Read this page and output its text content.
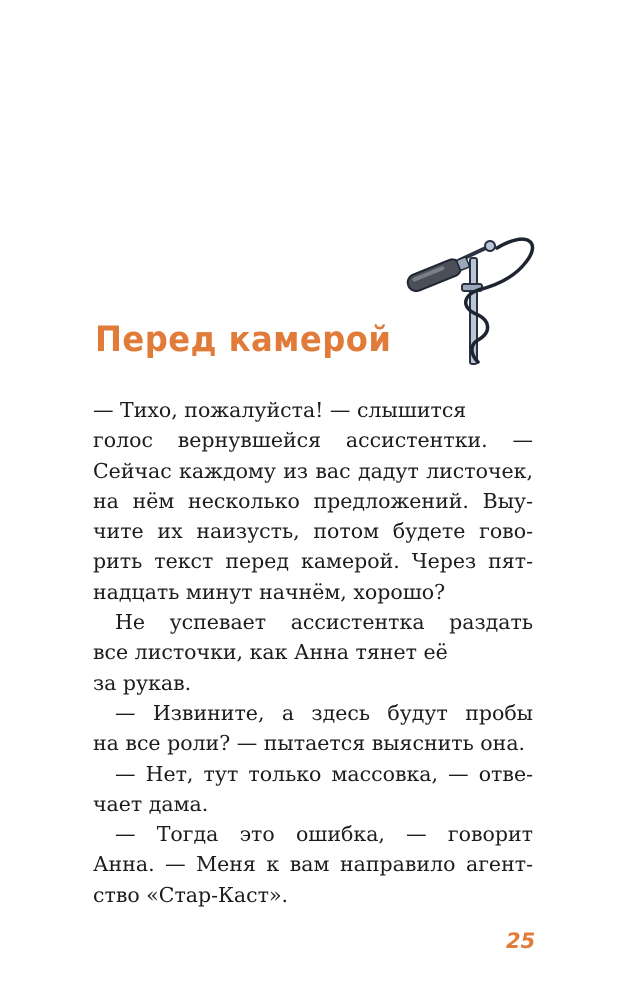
Перед камерой
— Тихо, пожалуйста! — слышится
голос вернувшейся ассистентки. —
Сейчас каждому из вас дадут листочек,
на нём несколько предложений. Выу-
чите их наизусть, потом будете гово-
рить текст перед камерой. Через пят-
надцать минут начнём, хорошо?
Не успевает ассистентка раздать
все листочки, как Анна тянет её
за рукав.
— Извините, а здесь будут пробы
на все роли? — пытается выяснить она.
— Нет, тут только массовка, — отве-
чает дама.
— Тогда это ошибка, — говорит
Анна. — Меня к вам направило агент-
ство «Стар-Каст».
25
